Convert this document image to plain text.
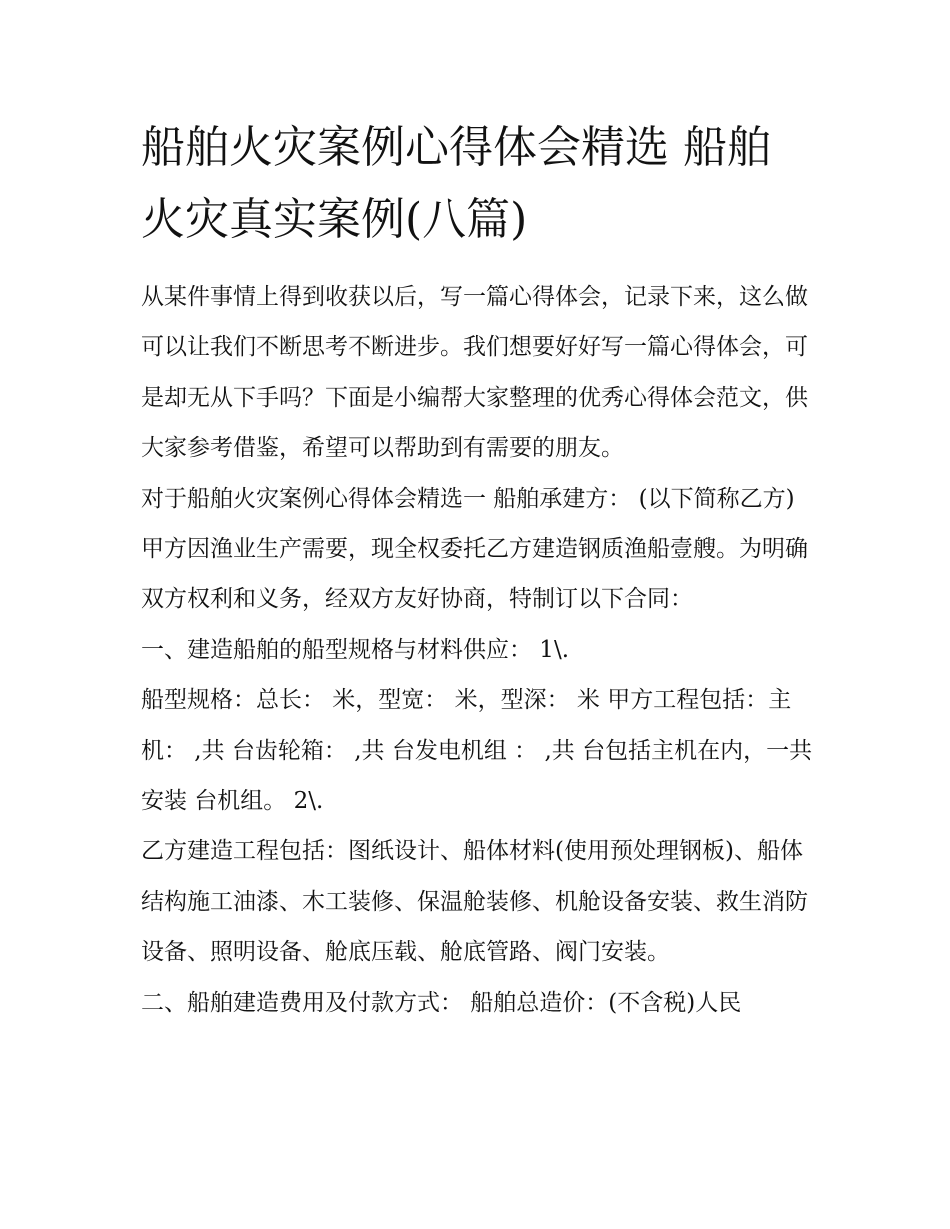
船舶火灾案例心得体会精选 船舶火灾真实案例(八篇)

从某件事情上得到收获以后，写一篇心得体会，记录下来，这么做可以让我们不断思考不断进步。我们想要好好写一篇心得体会，可是却无从下手吗？下面是小编帮大家整理的优秀心得体会范文，供大家参考借鉴，希望可以帮助到有需要的朋友。

对于船舶火灾案例心得体会精选一 船舶承建方： (以下简称乙方)

甲方因渔业生产需要，现全权委托乙方建造钢质渔船壹艘。为明确双方权利和义务，经双方友好协商，特制订以下合同：

一、建造船舶的船型规格与材料供应： 1\.

船型规格：总长： 米，型宽： 米，型深： 米 甲方工程包括：主机： ,共 台齿轮箱： ,共 台发电机组 ： ,共 台包括主机在内，一共安装 台机组。 2\.

乙方建造工程包括：图纸设计、船体材料(使用预处理钢板)、船体结构施工油漆、木工装修、保温舱装修、机舱设备安装、救生消防设备、照明设备、舱底压载、舱底管路、阀门安装。

二、船舶建造费用及付款方式： 船舶总造价：(不含税)人民
